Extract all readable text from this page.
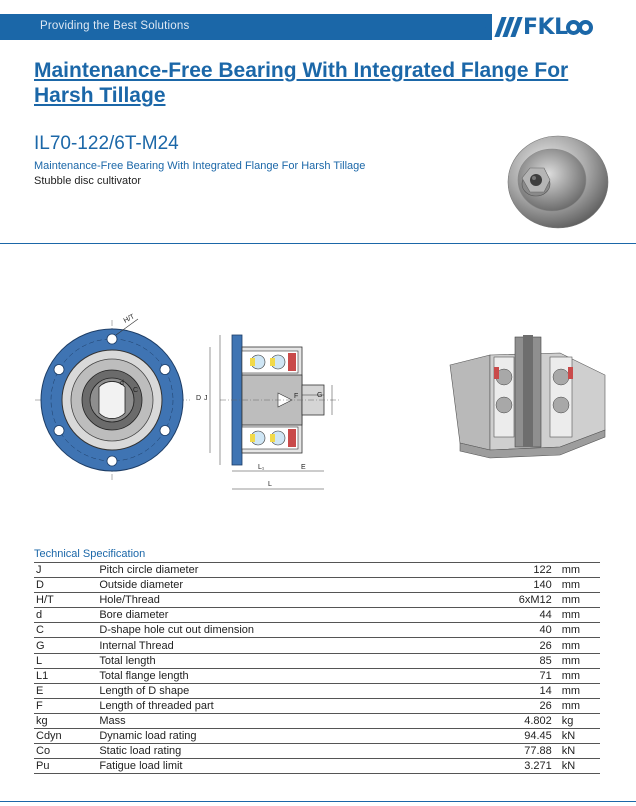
Providing the Best Solutions	FKL
Maintenance-Free Bearing With Integrated Flange For Harsh Tillage
IL70-122/6T-M24
Maintenance-Free Bearing With Integrated Flange For Harsh Tillage
Stubble disc cultivator
H/T
C
d
D J	F	G
L₁	E
L
Technical Specification
J	Pitch circle diameter	122	mm
D	Outside diameter	140	mm
H/T	Hole/Thread	6xM12	mm
d	Bore diameter	44	mm
C	D-shape hole cut out dimension	40	mm
G	Internal Thread	26	mm
L	Total length	85	mm
L1	Total flange length	71	mm
E	Length of D shape	14	mm
F	Length of threaded part	26	mm
kg	Mass	4.802	kg
Cdyn	Dynamic load rating	94.45	kN
Co	Static load rating	77.88	kN
Pu	Fatigue load limit	3.271	kN
